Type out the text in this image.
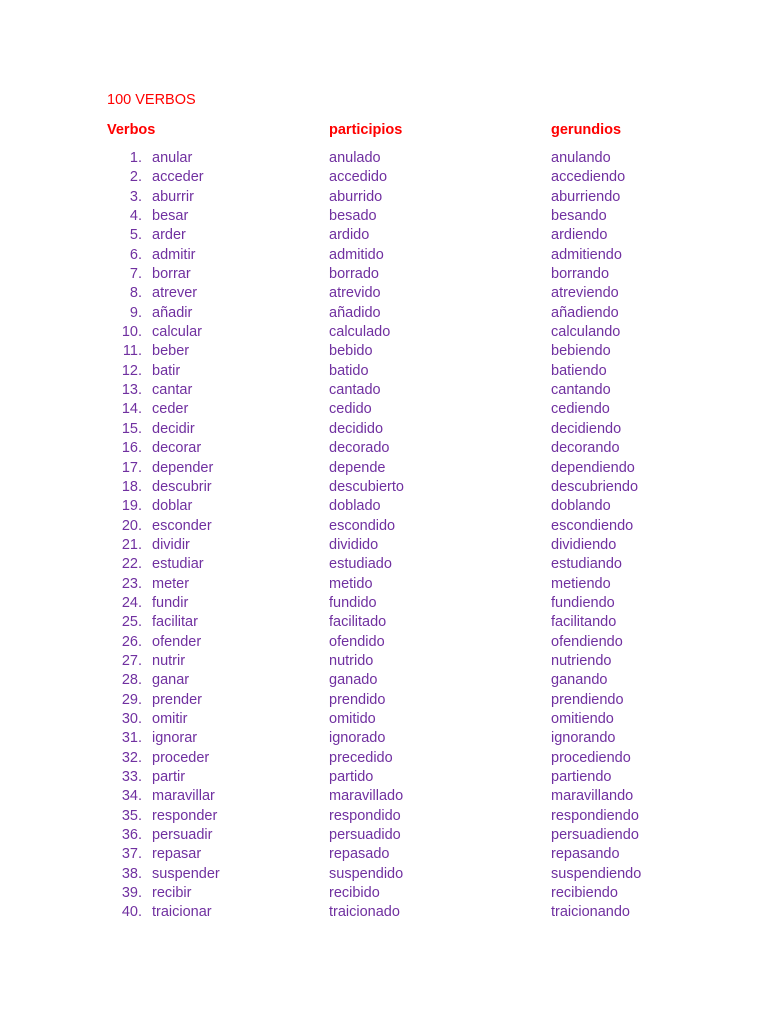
100 VERBOS
Verbos	participios	gerundios
1. anular	anulado	anulando
2. acceder	accedido	accediendo
3. aburrir	aburrido	aburriendo
4. besar	besado	besando
5. arder	ardido	ardiendo
6. admitir	admitido	admitiendo
7. borrar	borrado	borrando
8. atrever	atrevido	atreviendo
9. añadir	añadido	añadiendo
10. calcular	calculado	calculando
11. beber	bebido	bebiendo
12. batir	batido	batiendo
13. cantar	cantado	cantando
14. ceder	cedido	cediendo
15. decidir	decidido	decidiendo
16. decorar	decorado	decorando
17. depender	depende	dependiendo
18. descubrir	descubierto	descubriendo
19. doblar	doblado	doblando
20. esconder	escondido	escondiendo
21. dividir	dividido	dividiendo
22. estudiar	estudiado	estudiando
23. meter	metido	metiendo
24. fundir	fundido	fundiendo
25. facilitar	facilitado	facilitando
26. ofender	ofendido	ofendiendo
27. nutrir	nutrido	nutriendo
28. ganar	ganado	ganando
29. prender	prendido	prendiendo
30. omitir	omitido	omitiendo
31. ignorar	ignorado	ignorando
32. proceder	precedido	procediendo
33. partir	partido	partiendo
34. maravillar	maravillado	maravillando
35. responder	respondido	respondiendo
36. persuadir	persuadido	persuadiendo
37. repasar	repasado	repasando
38. suspender	suspendido	suspendiendo
39. recibir	recibido	recibiendo
40. traicionar	traicionado	traicionando
